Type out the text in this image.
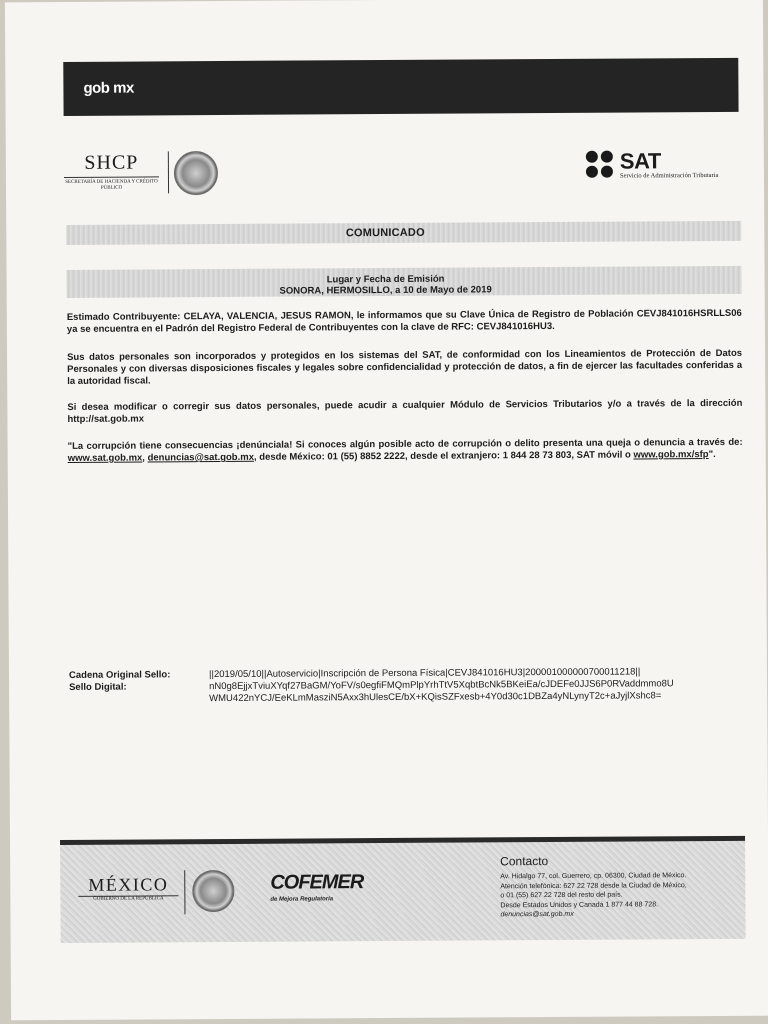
gob mx
SHCP
SECRETARÍA DE HACIENDA Y CRÉDITO PÚBLICO
SAT
Servicio de Administración Tributaria
COMUNICADO
Lugar y Fecha de Emisión
SONORA, HERMOSILLO, a 10 de Mayo de 2019
Estimado Contribuyente: CELAYA, VALENCIA, JESUS RAMON, le informamos que su Clave Única de Registro de Población CEVJ841016HSRLLS06 ya se encuentra en el Padrón del Registro Federal de Contribuyentes con la clave de RFC: CEVJ841016HU3.
Sus datos personales son incorporados y protegidos en los sistemas del SAT, de conformidad con los Lineamientos de Protección de Datos Personales y con diversas disposiciones fiscales y legales sobre confidencialidad y protección de datos, a fin de ejercer las facultades conferidas a la autoridad fiscal.
Si desea modificar o corregir sus datos personales, puede acudir a cualquier Módulo de Servicios Tributarios y/o a través de la dirección http://sat.gob.mx
"La corrupción tiene consecuencias ¡denúnciala! Si conoces algún posible acto de corrupción o delito presenta una queja o denuncia a través de: www.sat.gob.mx, denuncias@sat.gob.mx, desde México: 01 (55) 8852 2222, desde el extranjero: 1 844 28 73 803, SAT móvil o www.gob.mx/sfp".
Cadena Original Sello:	||2019/05/10||Autoservicio|Inscripción de Persona Física|CEVJ841016HU3|200001000000700011218||
Sello Digital:	nN0g8EjjxTviuXYqf27BaGM/YoFV/s0egfiFMQmPlpYrhTtV5XqbtBcNk5BKeiEa/cJDEFe0JJS6P0RVaddmmo8U
WMU422nYCJ/EeKLmMasziN5Axx3hUlesCE/bX+KQisSZFxesb+4Y0d30c1DBZa4yNLynyT2c+aJyjlXshc8=
MÉXICO
GOBIERNO DE LA REPÚBLICA
COFEMER
de Mejora Regulatoria
Contacto
Av. Hidalgo 77, col. Guerrero, cp. 06300, Ciudad de México.
Atención telefónica: 627 22 728 desde la Ciudad de México,
o 01 (55) 627 22 728 del resto del país.
Desde Estados Unidos y Canadá 1 877 44 88 728.
denuncias@sat.gob.mx
